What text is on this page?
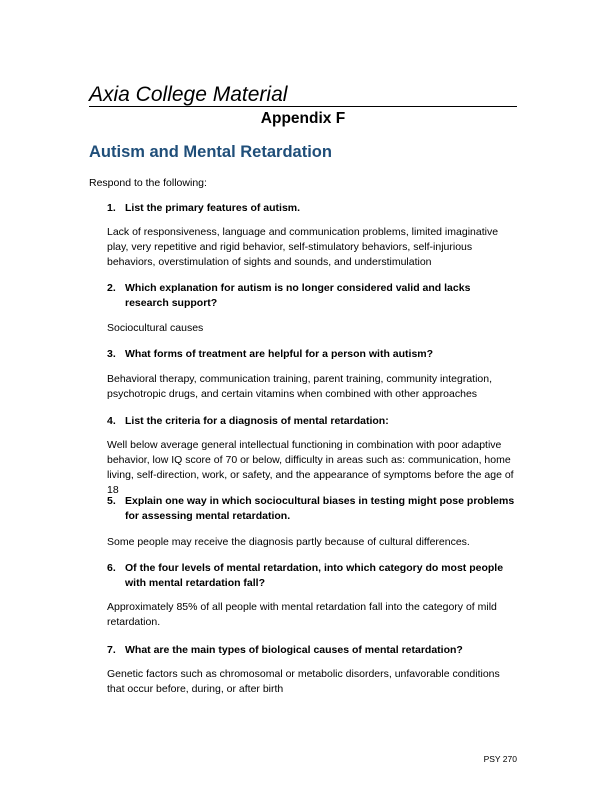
Axia College Material
Appendix F
Autism and Mental Retardation
Respond to the following:
1. List the primary features of autism.
Lack of responsiveness, language and communication problems, limited imaginative play, very repetitive and rigid behavior, self-stimulatory behaviors, self-injurious behaviors, overstimulation of sights and sounds, and understimulation
2. Which explanation for autism is no longer considered valid and lacks research support?
Sociocultural causes
3. What forms of treatment are helpful for a person with autism?
Behavioral therapy, communication training, parent training, community integration, psychotropic drugs, and certain vitamins when combined with other approaches
4. List the criteria for a diagnosis of mental retardation:
Well below average general intellectual functioning in combination with poor adaptive behavior, low IQ score of 70 or below, difficulty in areas such as: communication, home living, self-direction, work, or safety, and the appearance of symptoms before the age of 18
5. Explain one way in which sociocultural biases in testing might pose problems for assessing mental retardation.
Some people may receive the diagnosis partly because of cultural differences.
6. Of the four levels of mental retardation, into which category do most people with mental retardation fall?
Approximately 85% of all people with mental retardation fall into the category of mild retardation.
7. What are the main types of biological causes of mental retardation?
Genetic factors such as chromosomal or metabolic disorders, unfavorable conditions that occur before, during, or after birth
PSY 270
